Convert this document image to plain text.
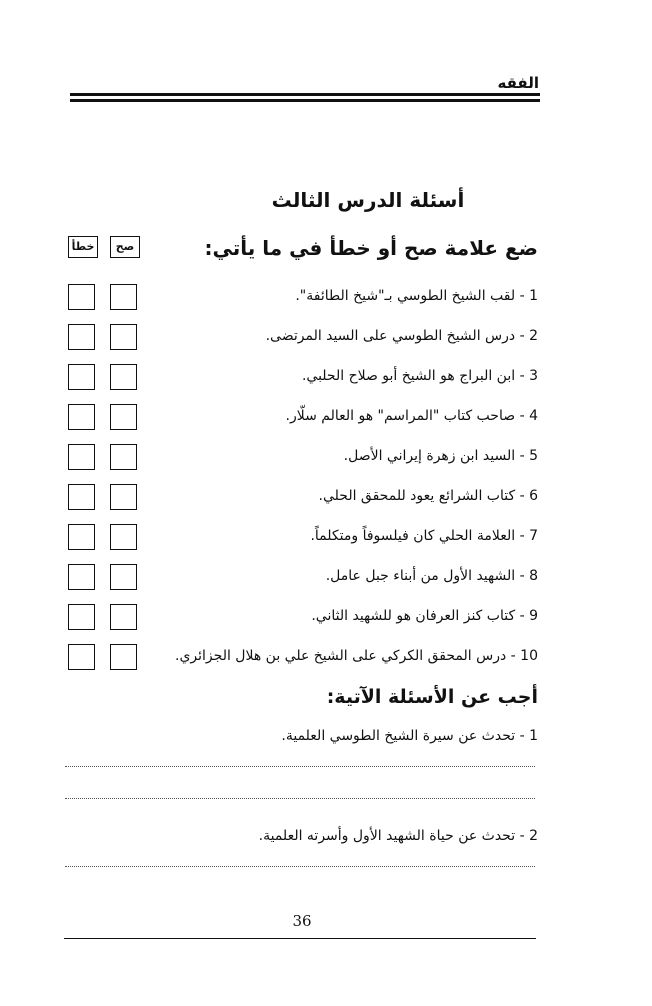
الفقه
أسئلة الدرس الثالث
ضع علامة صح أو خطأ في ما يأتي:
صح
خطأ
1 - لقب الشيخ الطوسي بـ"شيخ الطائفة".
2 - درس الشيخ الطوسي على السيد المرتضى.
3 - ابن البراج هو الشيخ أبو صلاح الحلبي.
4 - صاحب كتاب "المراسم" هو العالم سلّار.
5 - السيد ابن زهرة إيراني الأصل.
6 - كتاب الشرائع يعود للمحقق الحلي.
7 - العلامة الحلي كان فيلسوفاً ومتكلماً.
8 - الشهيد الأول من أبناء جبل عامل.
9 - كتاب كنز العرفان هو للشهيد الثاني.
10 - درس المحقق الكركي على الشيخ علي بن هلال الجزائري.
أجب عن الأسئلة الآتية:
1 - تحدث عن سيرة الشيخ الطوسي العلمية.
2 - تحدث عن حياة الشهيد الأول وأسرته العلمية.
36
